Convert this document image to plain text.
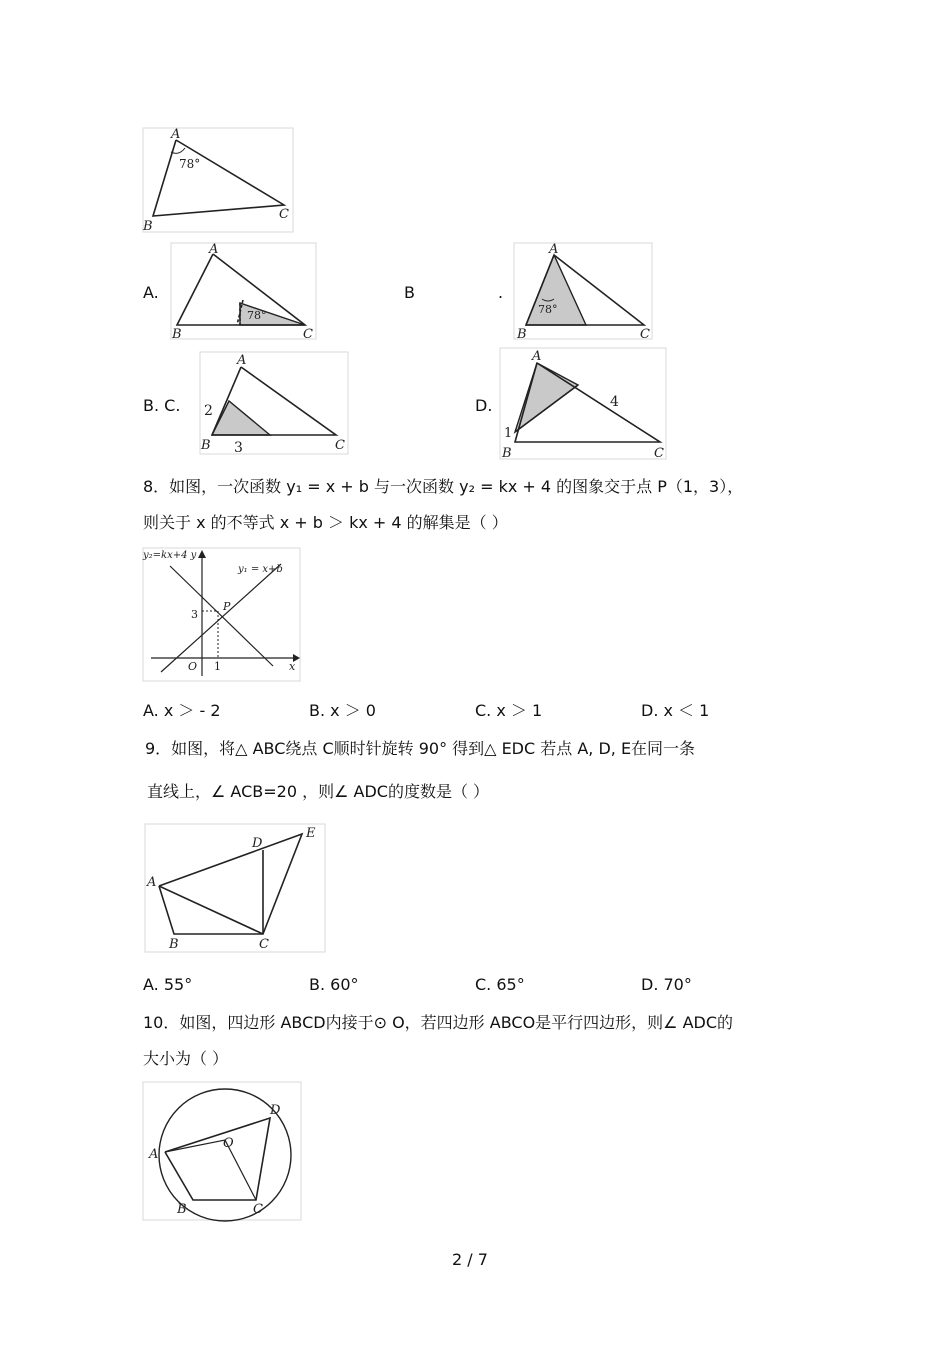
A
78°
B
C
A.
A
78°
B	C
B	.
A
78°
B	C
B. C.
A
2
3
B	C
D.
A
4
1
B	C
8．如图，一次函数 y₁ = x + b 与一次函数 y₂ = kx + 4 的图象交于点 P（1，3），
则关于 x 的不等式 x + b ＞ kx + 4 的解集是（ ）
y₂=kx+4 y
y₁ = x+b
P
3
O 1	x
A. x ＞ - 2	B. x ＞ 0	C. x ＞ 1	D. x ＜ 1
9．如图，将△ ABC绕点 C顺时针旋转 90° 得到△ EDC 若点 A, D, E在同一条
直线上，∠ ACB=20 ，则∠ ADC的度数是（ ）
A
B	C
D
E
A. 55°	B. 60°	C. 65°	D. 70°
10．如图，四边形 ABCD内接于⊙ O，若四边形 ABCO是平行四边形，则∠ ADC的
大小为（ ）
A
B	C
D
O
2 / 7
